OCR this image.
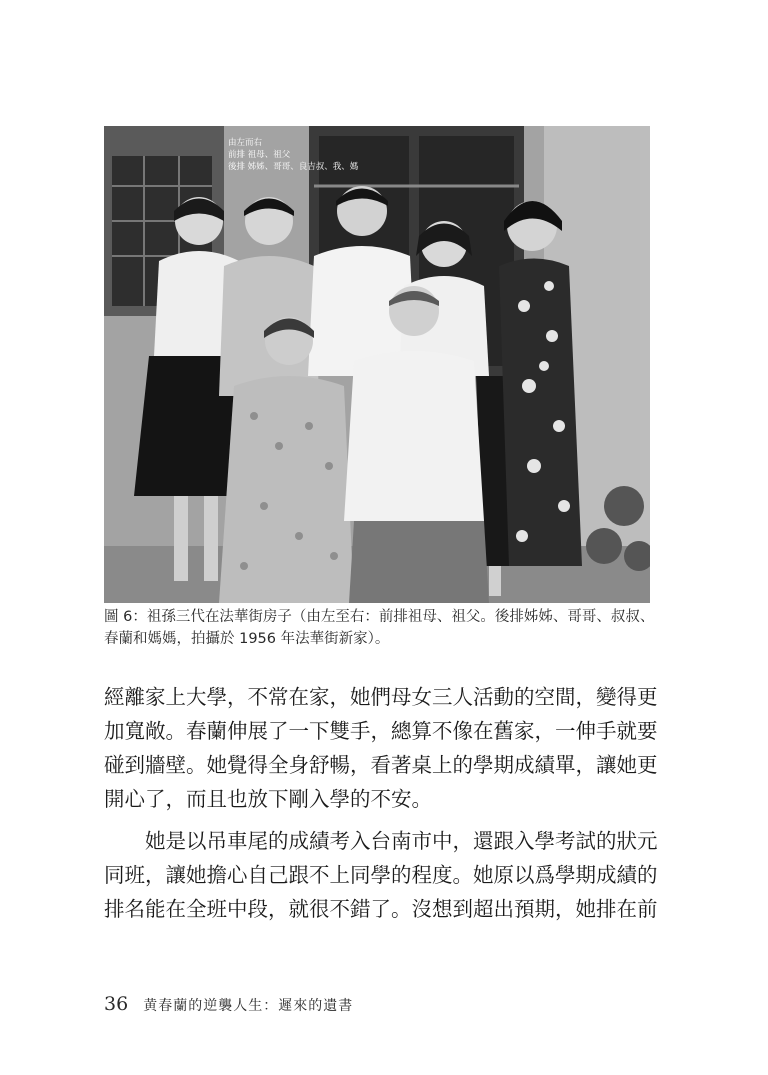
由左而右
前排 祖母、祖父
後排 姊姊、哥哥、良吉叔、我、媽
圖 6：祖孫三代在法華街房子（由左至右：前排祖母、祖父。後排姊姊、哥哥、叔叔、
春蘭和媽媽，拍攝於 1956 年法華街新家）。
經離家上大學，不常在家，她們母女三人活動的空間，變得更
加寬敞。春蘭伸展了一下雙手，總算不像在舊家，一伸手就要
碰到牆壁。她覺得全身舒暢，看著桌上的學期成績單，讓她更
開心了，而且也放下剛入學的不安。
　　她是以吊車尾的成績考入台南市中，還跟入學考試的狀元
同班，讓她擔心自己跟不上同學的程度。她原以爲學期成績的
排名能在全班中段，就很不錯了。沒想到超出預期，她排在前
36 黄春蘭的逆襲人生：遲來的遺書
